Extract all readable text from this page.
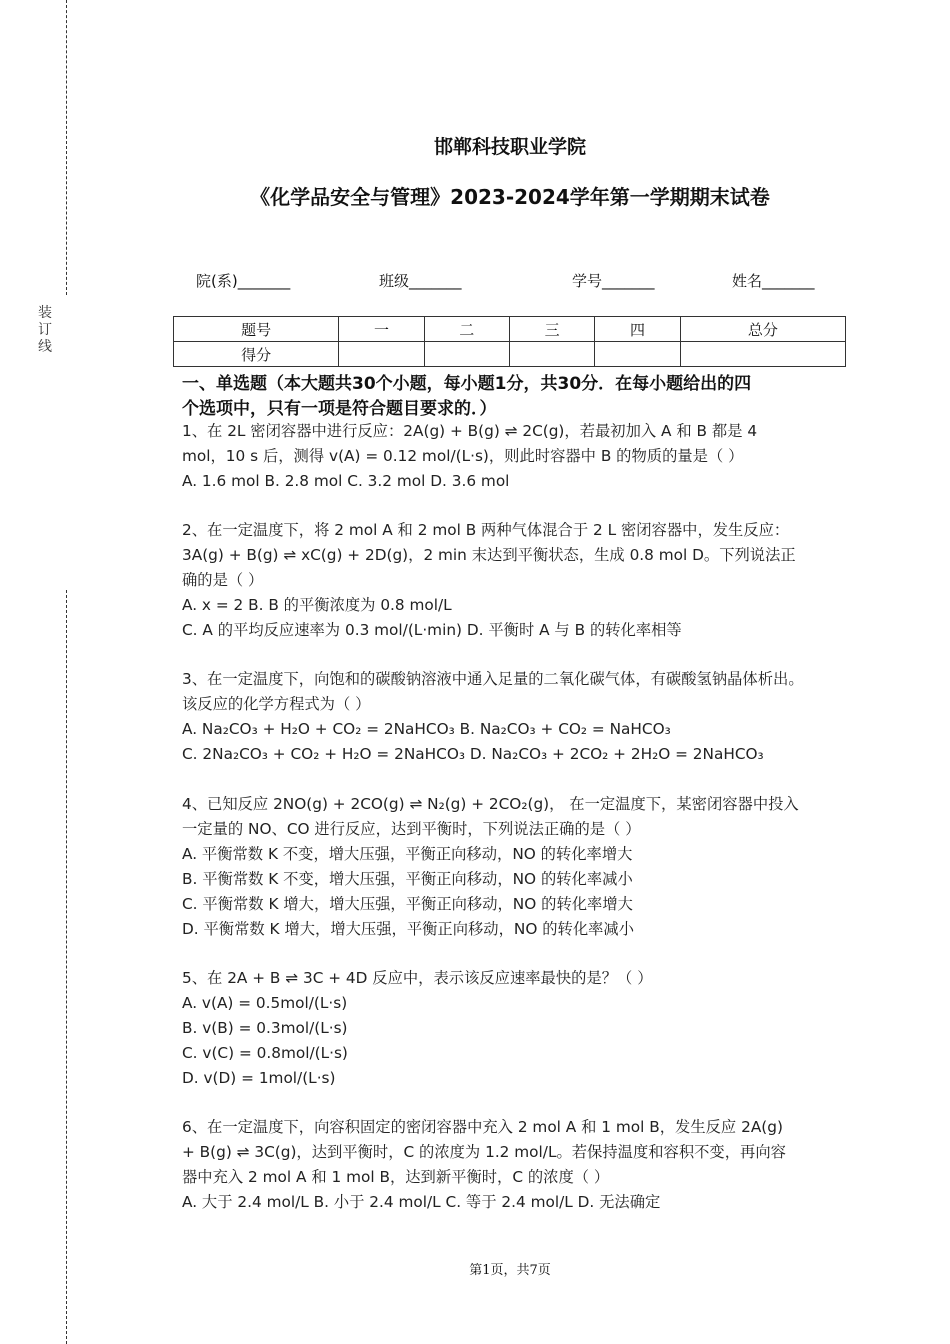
装订线
邯郸科技职业学院
《化学品安全与管理》2023-2024学年第一学期期末试卷
院(系)_______	班级_______	学号_______	姓名_______
题号	一	二	三	四	总分
得分					
一、单选题（本大题共30个小题，每小题1分，共30分．在每小题给出的四
个选项中，只有一项是符合题目要求的．）
1、在 2L 密闭容器中进行反应：2A(g) + B(g) ⇌ 2C(g)，若最初加入 A 和 B 都是 4
mol，10 s 后，测得 v(A) = 0.12 mol/(L·s)，则此时容器中 B 的物质的量是（ ）
A. 1.6 mol B. 2.8 mol C. 3.2 mol D. 3.6 mol
2、在一定温度下，将 2 mol A 和 2 mol B 两种气体混合于 2 L 密闭容器中，发生反应：
3A(g) + B(g) ⇌ xC(g) + 2D(g)，2 min 末达到平衡状态，生成 0.8 mol D。下列说法正
确的是（ ）
A. x = 2 B. B 的平衡浓度为 0.8 mol/L
C. A 的平均反应速率为 0.3 mol/(L·min) D. 平衡时 A 与 B 的转化率相等
3、在一定温度下，向饱和的碳酸钠溶液中通入足量的二氧化碳气体，有碳酸氢钠晶体析出。
该反应的化学方程式为（ ）
A. Na₂CO₃ + H₂O + CO₂ = 2NaHCO₃ B. Na₂CO₃ + CO₂ = NaHCO₃
C. 2Na₂CO₃ + CO₂ + H₂O = 2NaHCO₃ D. Na₂CO₃ + 2CO₂ + 2H₂O = 2NaHCO₃
4、已知反应 2NO(g) + 2CO(g) ⇌ N₂(g) + 2CO₂(g)， 在一定温度下，某密闭容器中投入
一定量的 NO、CO 进行反应，达到平衡时，下列说法正确的是（ ）
A. 平衡常数 K 不变，增大压强，平衡正向移动，NO 的转化率增大
B. 平衡常数 K 不变，增大压强，平衡正向移动，NO 的转化率减小
C. 平衡常数 K 增大，增大压强，平衡正向移动，NO 的转化率增大
D. 平衡常数 K 增大，增大压强，平衡正向移动，NO 的转化率减小
5、在 2A + B ⇌ 3C + 4D 反应中，表示该反应速率最快的是？（ ）
A. v(A) = 0.5mol/(L·s)
B. v(B) = 0.3mol/(L·s)
C. v(C) = 0.8mol/(L·s)
D. v(D) = 1mol/(L·s)
6、在一定温度下，向容积固定的密闭容器中充入 2 mol A 和 1 mol B，发生反应 2A(g)
+ B(g) ⇌ 3C(g)，达到平衡时，C 的浓度为 1.2 mol/L。若保持温度和容积不变，再向容
器中充入 2 mol A 和 1 mol B，达到新平衡时，C 的浓度（ ）
A. 大于 2.4 mol/L B. 小于 2.4 mol/L C. 等于 2.4 mol/L D. 无法确定
第1页，共7页
